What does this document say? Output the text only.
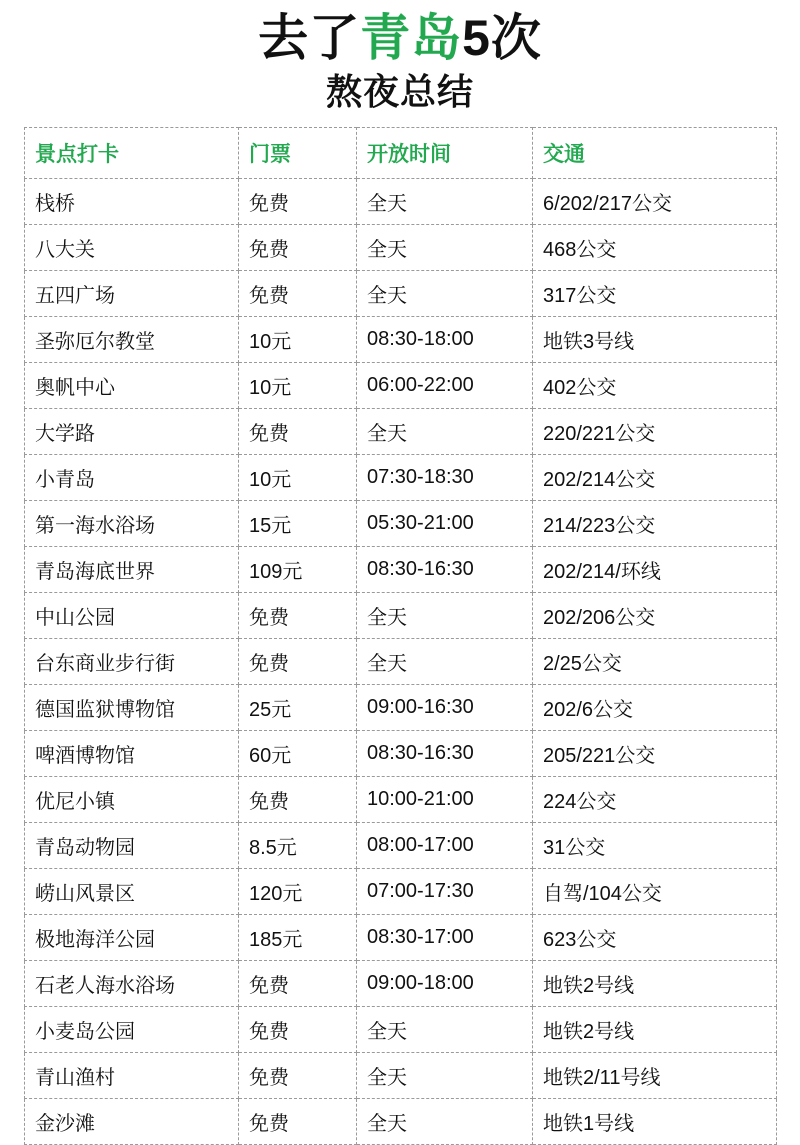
去了青岛5次
熬夜总结
景点打卡	门票	开放时间	交通
栈桥	免费	全天	6/202/217公交
八大关	免费	全天	468公交
五四广场	免费	全天	317公交
圣弥厄尔教堂	10元	08:30-18:00	地铁3号线
奥帆中心	10元	06:00-22:00	402公交
大学路	免费	全天	220/221公交
小青岛	10元	07:30-18:30	202/214公交
第一海水浴场	15元	05:30-21:00	214/223公交
青岛海底世界	109元	08:30-16:30	202/214/环线
中山公园	免费	全天	202/206公交
台东商业步行街	免费	全天	2/25公交
德国监狱博物馆	25元	09:00-16:30	202/6公交
啤酒博物馆	60元	08:30-16:30	205/221公交
优尼小镇	免费	10:00-21:00	224公交
青岛动物园	8.5元	08:00-17:00	31公交
崂山风景区	120元	07:00-17:30	自驾/104公交
极地海洋公园	185元	08:30-17:00	623公交
石老人海水浴场	免费	09:00-18:00	地铁2号线
小麦岛公园	免费	全天	地铁2号线
青山渔村	免费	全天	地铁2/11号线
金沙滩	免费	全天	地铁1号线
